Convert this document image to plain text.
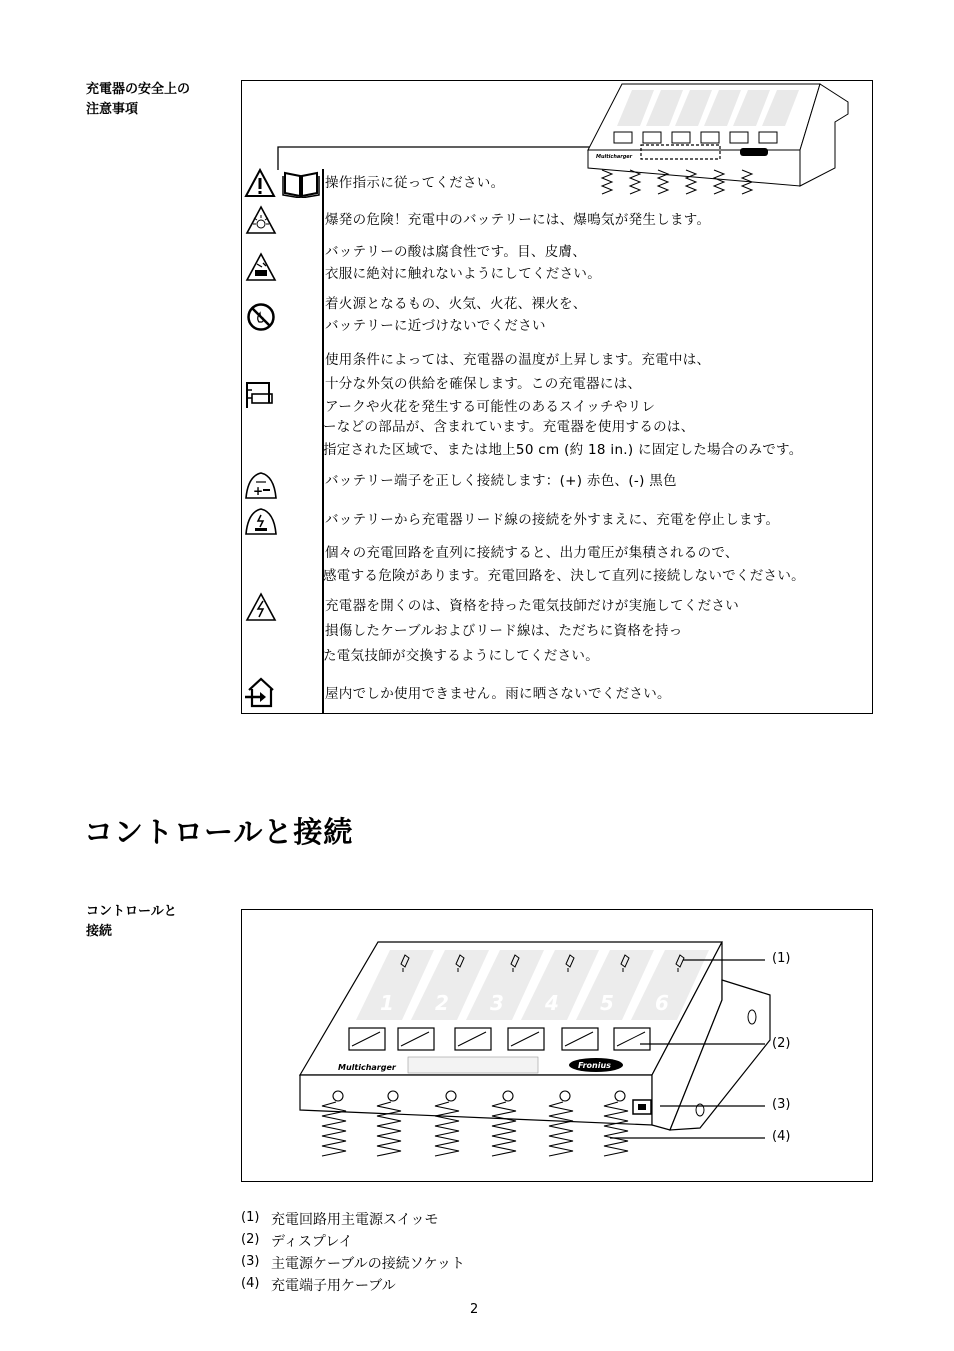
充電器の安全上の
注意事項
Multicharger
+
操作指示に従ってください。
爆発の危険！充電中のバッテリーには、爆鳴気が発生します。
バッテリーの酸は腐食性です。目、皮膚、
衣服に絶対に触れないようにしてください。
着火源となるもの、火気、火花、裸火を、
バッテリーに近づけないでください
使用条件によっては、充電器の温度が上昇します。充電中は、
十分な外気の供給を確保します。この充電器には、
アークや火花を発生する可能性のあるスイッチやリレ
ーなどの部品が、含まれています。充電器を使用するのは、
指定された区域で、または地上50 cm (約 18 in.) に固定した場合のみです。
バッテリー端子を正しく接続します：(+) 赤色、(-) 黒色
バッテリーから充電器リード線の接続を外すまえに、充電を停止します。
個々の充電回路を直列に接続すると、出力電圧が集積されるので、
感電する危険があります。充電回路を、決して直列に接続しないでください。
充電器を開くのは、資格を持った電気技師だけが実施してください
損傷したケーブルおよびリード線は、ただちに資格を持っ
た電気技師が交換するようにしてください。
屋内でしか使用できません。雨に晒さないでください。
コントロールと接続
コントロールと
接続
1 2 3 4 5 6
Multicharger	Fronius
(1)
(2)
(3)
(4)
(1) 充電回路用主電源スイッモ
(2) ディスプレイ
(3) 主電源ケーブルの接続ソケット
(4) 充電端子用ケーブル
2
